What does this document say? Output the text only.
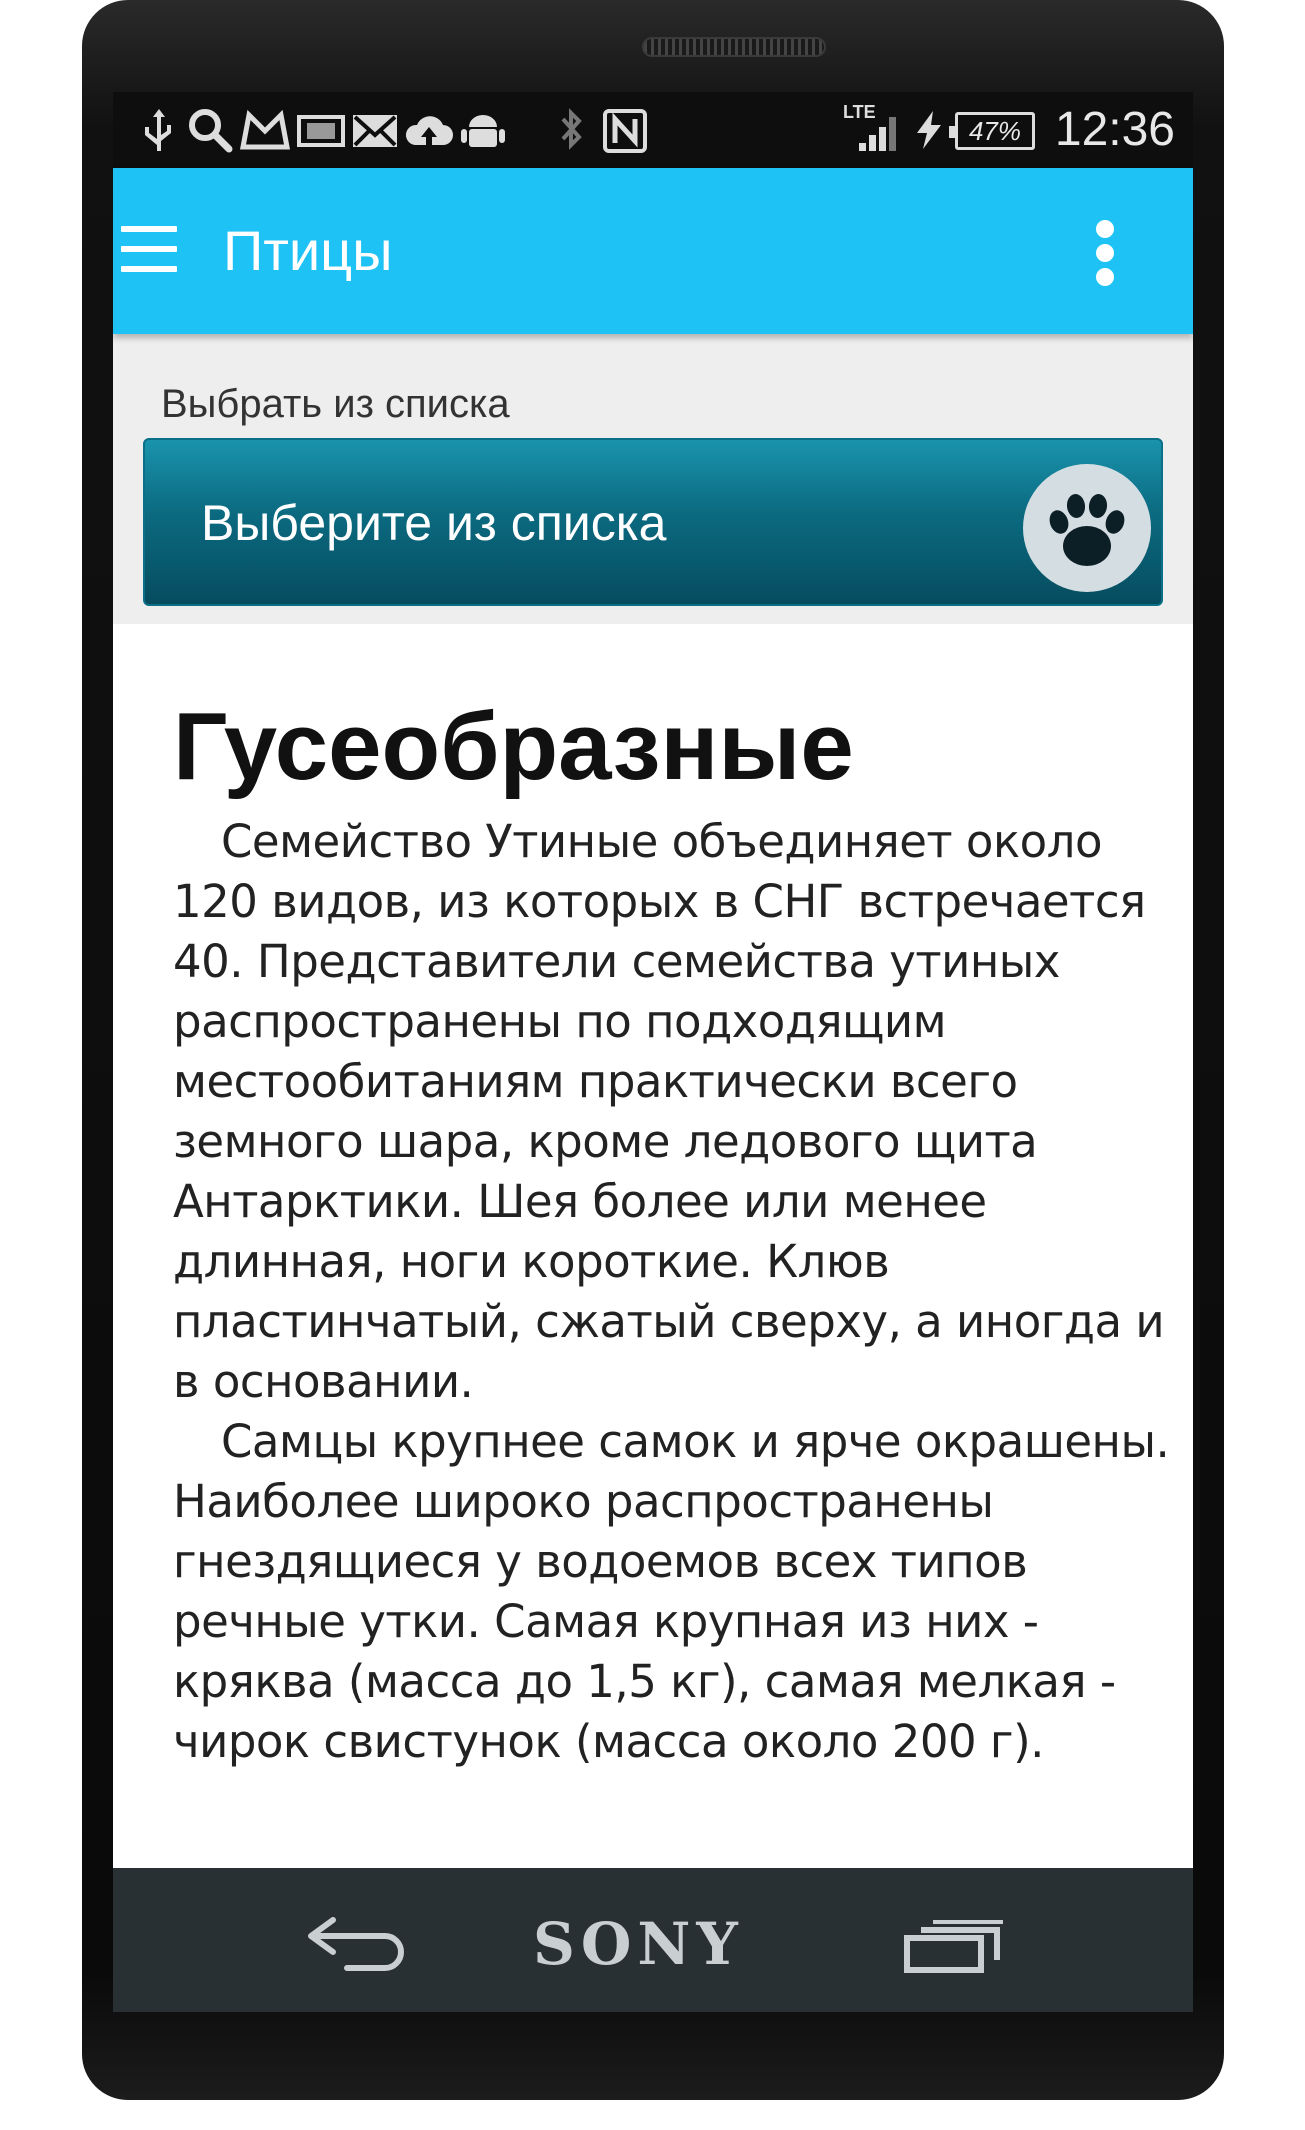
LTE
47% 12:36
Птицы
Выбрать из списка
Выберите из списка
Гусеобразные

Семейство Утиные объединяет около 120 видов, из которых в СНГ встречается 40. Представители семейства утиных распространены по подходящим местообитаниям практически всего земного шара, кроме ледового щита Антарктики. Шея более или менее длинная, ноги короткие. Клюв пластинчатый, сжатый сверху, а иногда и в основании.

Самцы крупнее самок и ярче окрашены. Наиболее широко распространены гнездящиеся у водоемов всех типов речные утки. Самая крупная из них - кряква (масса до 1,5 кг), самая мелкая - чирок свистунок (масса около 200 г).

SONY
